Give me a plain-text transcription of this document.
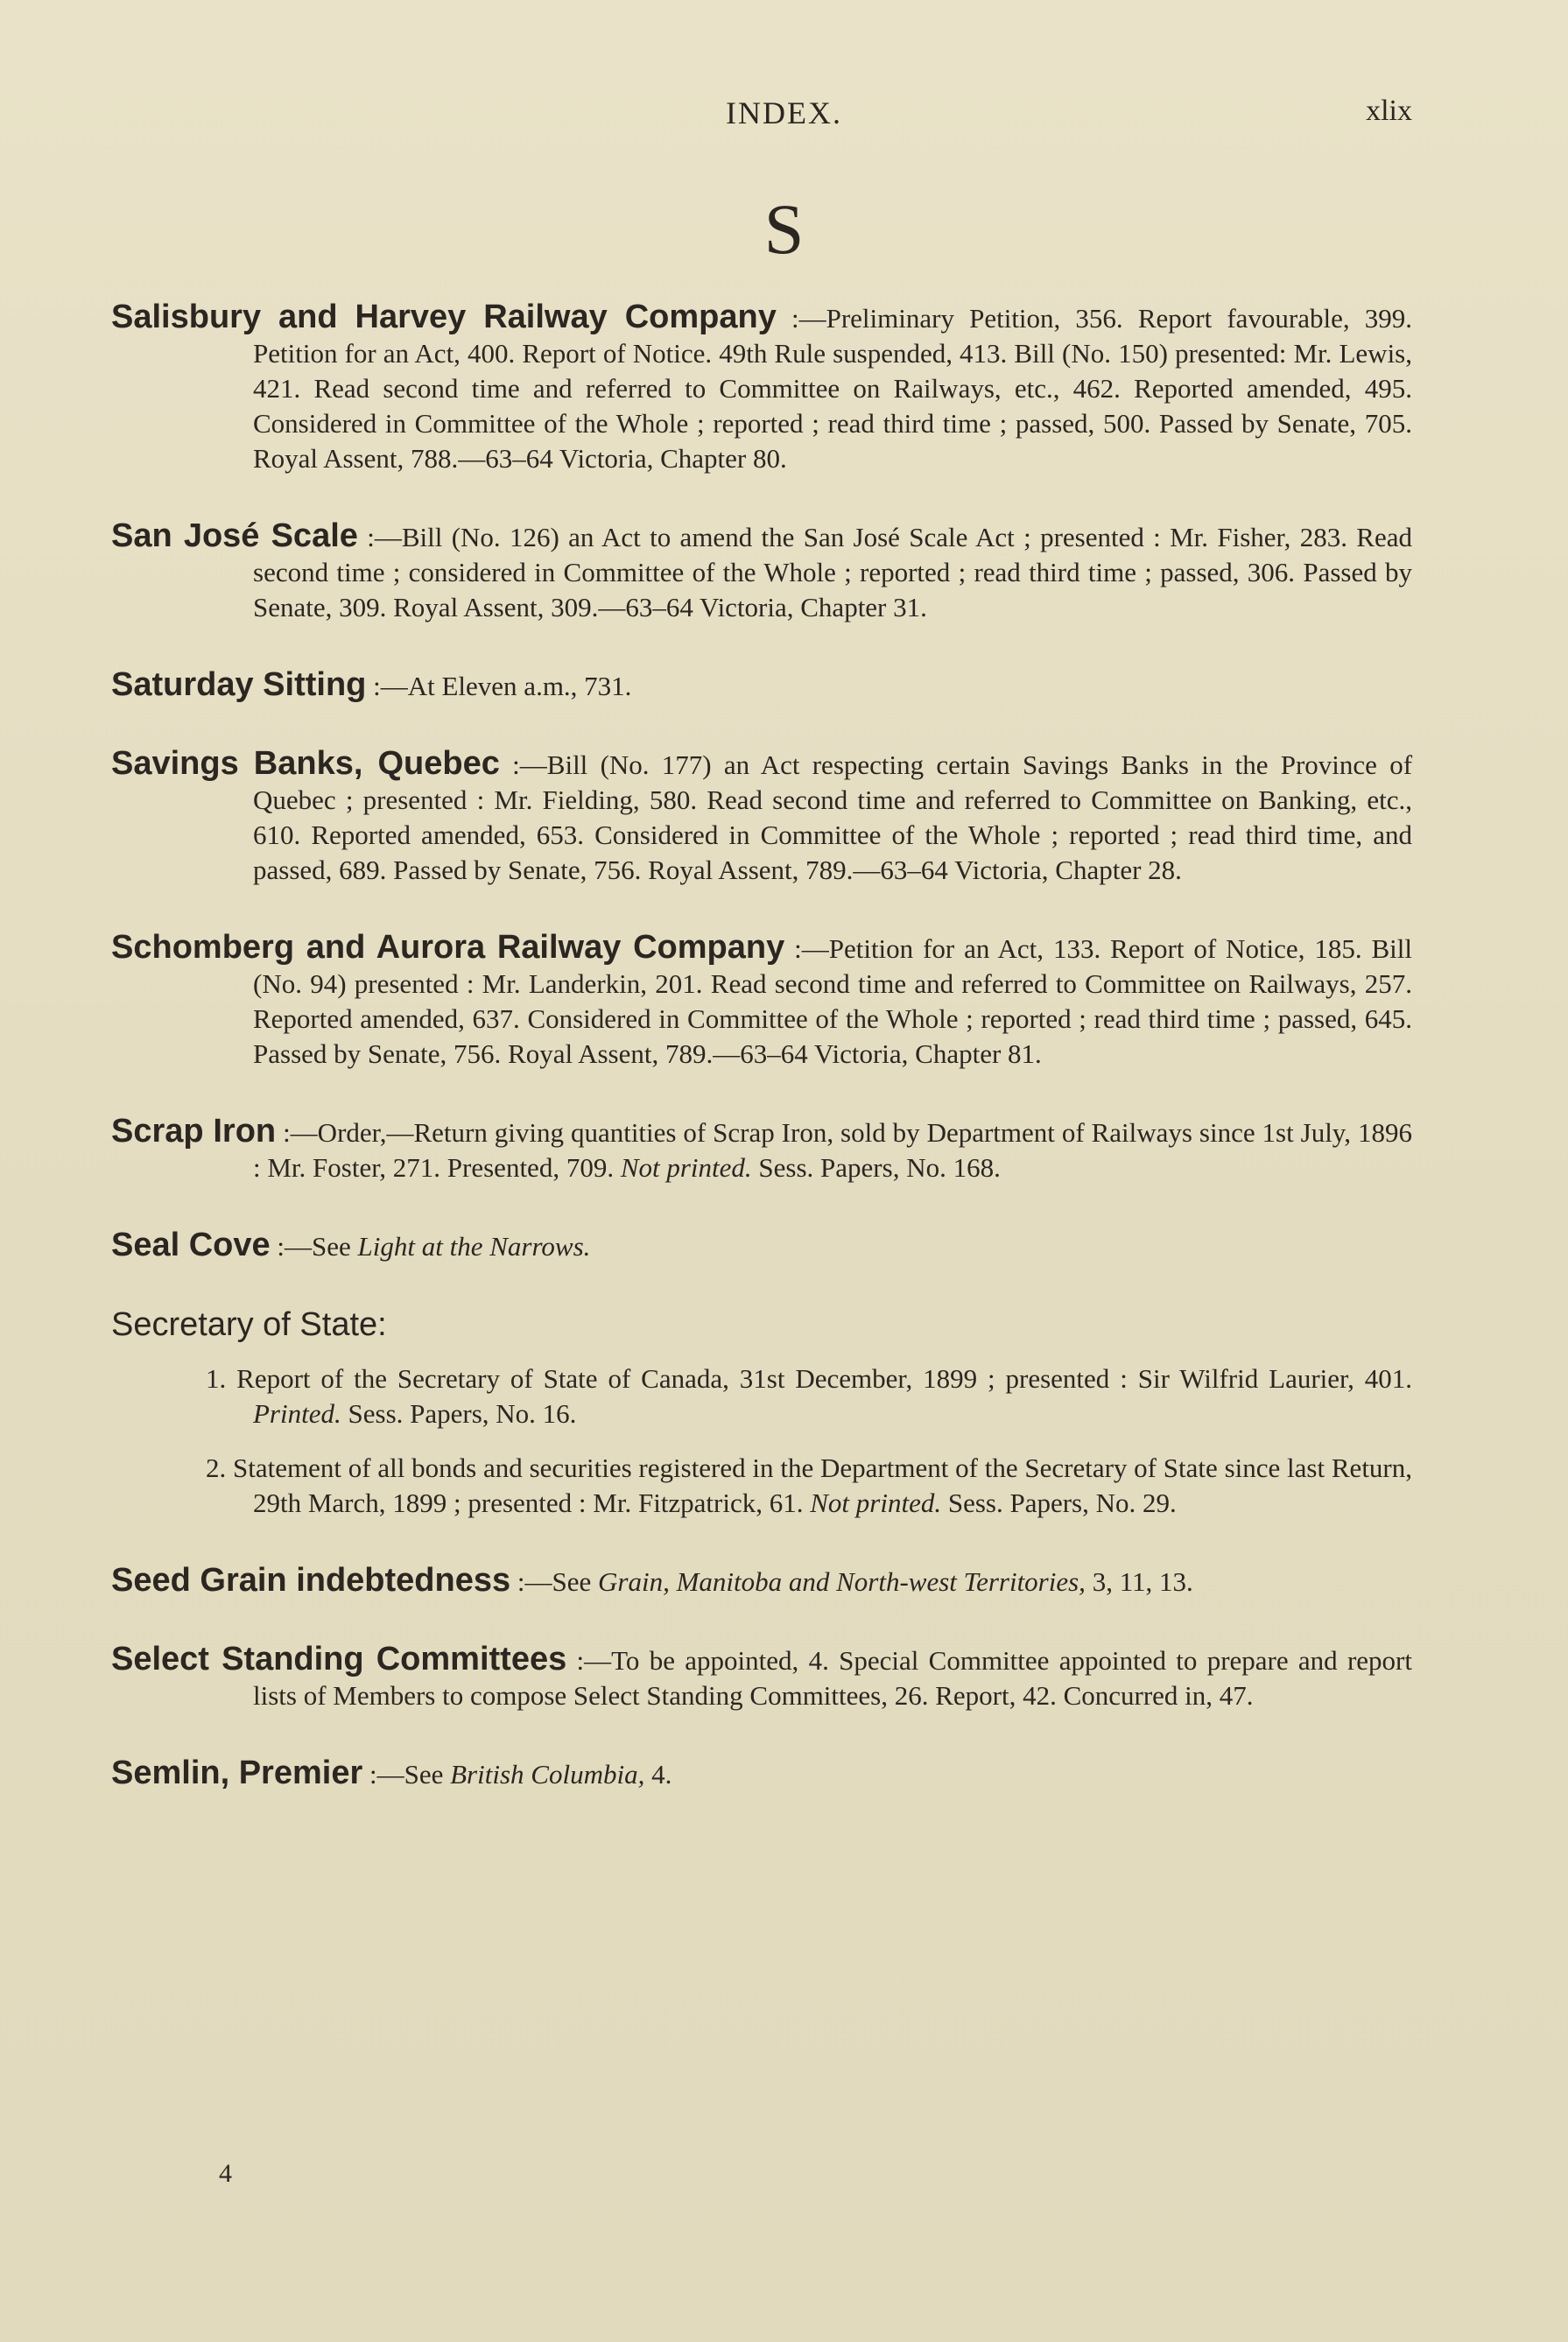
INDEX.	xlix
S
Salisbury and Harvey Railway Company :—Preliminary Petition, 356. Report favourable, 399. Petition for an Act, 400. Report of Notice. 49th Rule suspended, 413. Bill (No. 150) presented: Mr. Lewis, 421. Read second time and referred to Committee on Railways, etc., 462. Reported amended, 495. Considered in Committee of the Whole ; reported ; read third time ; passed, 500. Passed by Senate, 705. Royal Assent, 788.—63–64 Victoria, Chapter 80.
San José Scale :—Bill (No. 126) an Act to amend the San José Scale Act ; presented : Mr. Fisher, 283. Read second time ; considered in Committee of the Whole ; reported ; read third time ; passed, 306. Passed by Senate, 309. Royal Assent, 309.—63–64 Victoria, Chapter 31.
Saturday Sitting :—At Eleven a.m., 731.
Savings Banks, Quebec :—Bill (No. 177) an Act respecting certain Savings Banks in the Province of Quebec ; presented : Mr. Fielding, 580. Read second time and referred to Committee on Banking, etc., 610. Reported amended, 653. Considered in Committee of the Whole ; reported ; read third time, and passed, 689. Passed by Senate, 756. Royal Assent, 789.—63–64 Victoria, Chapter 28.
Schomberg and Aurora Railway Company :—Petition for an Act, 133. Report of Notice, 185. Bill (No. 94) presented : Mr. Landerkin, 201. Read second time and referred to Committee on Railways, 257. Reported amended, 637. Considered in Committee of the Whole ; reported ; read third time ; passed, 645. Passed by Senate, 756. Royal Assent, 789.—63–64 Victoria, Chapter 81.
Scrap Iron :—Order,—Return giving quantities of Scrap Iron, sold by Department of Railways since 1st July, 1896 : Mr. Foster, 271. Presented, 709. Not printed. Sess. Papers, No. 168.
Seal Cove :—See Light at the Narrows.
Secretary of State:
1. Report of the Secretary of State of Canada, 31st December, 1899 ; presented : Sir Wilfrid Laurier, 401. Printed. Sess. Papers, No. 16.
2. Statement of all bonds and securities registered in the Department of the Secretary of State since last Return, 29th March, 1899 ; presented : Mr. Fitzpatrick, 61. Not printed. Sess. Papers, No. 29.
Seed Grain indebtedness :—See Grain, Manitoba and North-west Territories, 3, 11, 13.
Select Standing Committees :—To be appointed, 4. Special Committee appointed to prepare and report lists of Members to compose Select Standing Committees, 26. Report, 42. Concurred in, 47.
Semlin, Premier :—See British Columbia, 4.
4
